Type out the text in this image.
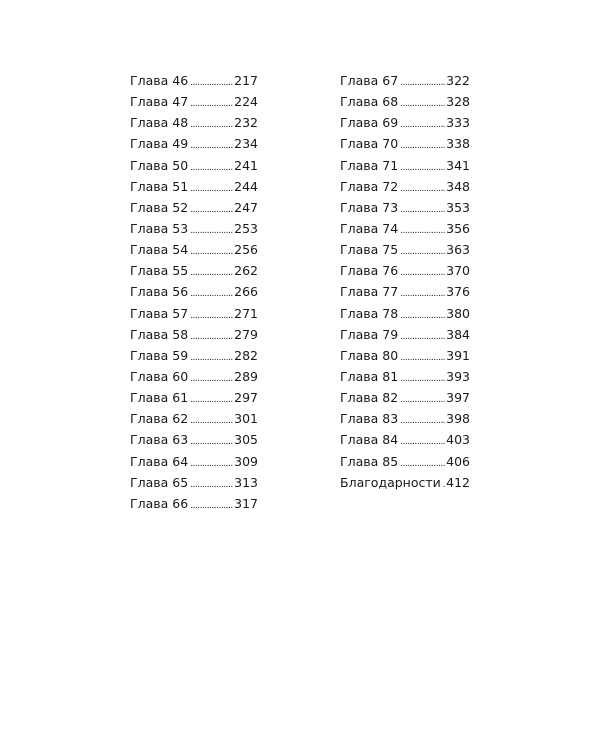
Глава 46 .....	217
Глава 47 .....	224
Глава 48 .....	232
Глава 49 .....	234
Глава 50 .....	241
Глава 51 .....	244
Глава 52 .....	247
Глава 53 .....	253
Глава 54 .....	256
Глава 55 .....	262
Глава 56 .....	266
Глава 57 .....	271
Глава 58 .....	279
Глава 59 .....	282
Глава 60 .....	289
Глава 61 .....	297
Глава 62 .....	301
Глава 63 .....	305
Глава 64 .....	309
Глава 65 .....	313
Глава 66 .....	317
Глава 67 .....	322
Глава 68 .....	328
Глава 69 .....	333
Глава 70 .....	338
Глава 71 .....	341
Глава 72 .....	348
Глава 73 .....	353
Глава 74 .....	356
Глава 75 .....	363
Глава 76 .....	370
Глава 77 .....	376
Глава 78 .....	380
Глава 79 .....	384
Глава 80 .....	391
Глава 81 .....	393
Глава 82 .....	397
Глава 83 .....	398
Глава 84 .....	403
Глава 85 .....	406
Благодарности ..... 412
